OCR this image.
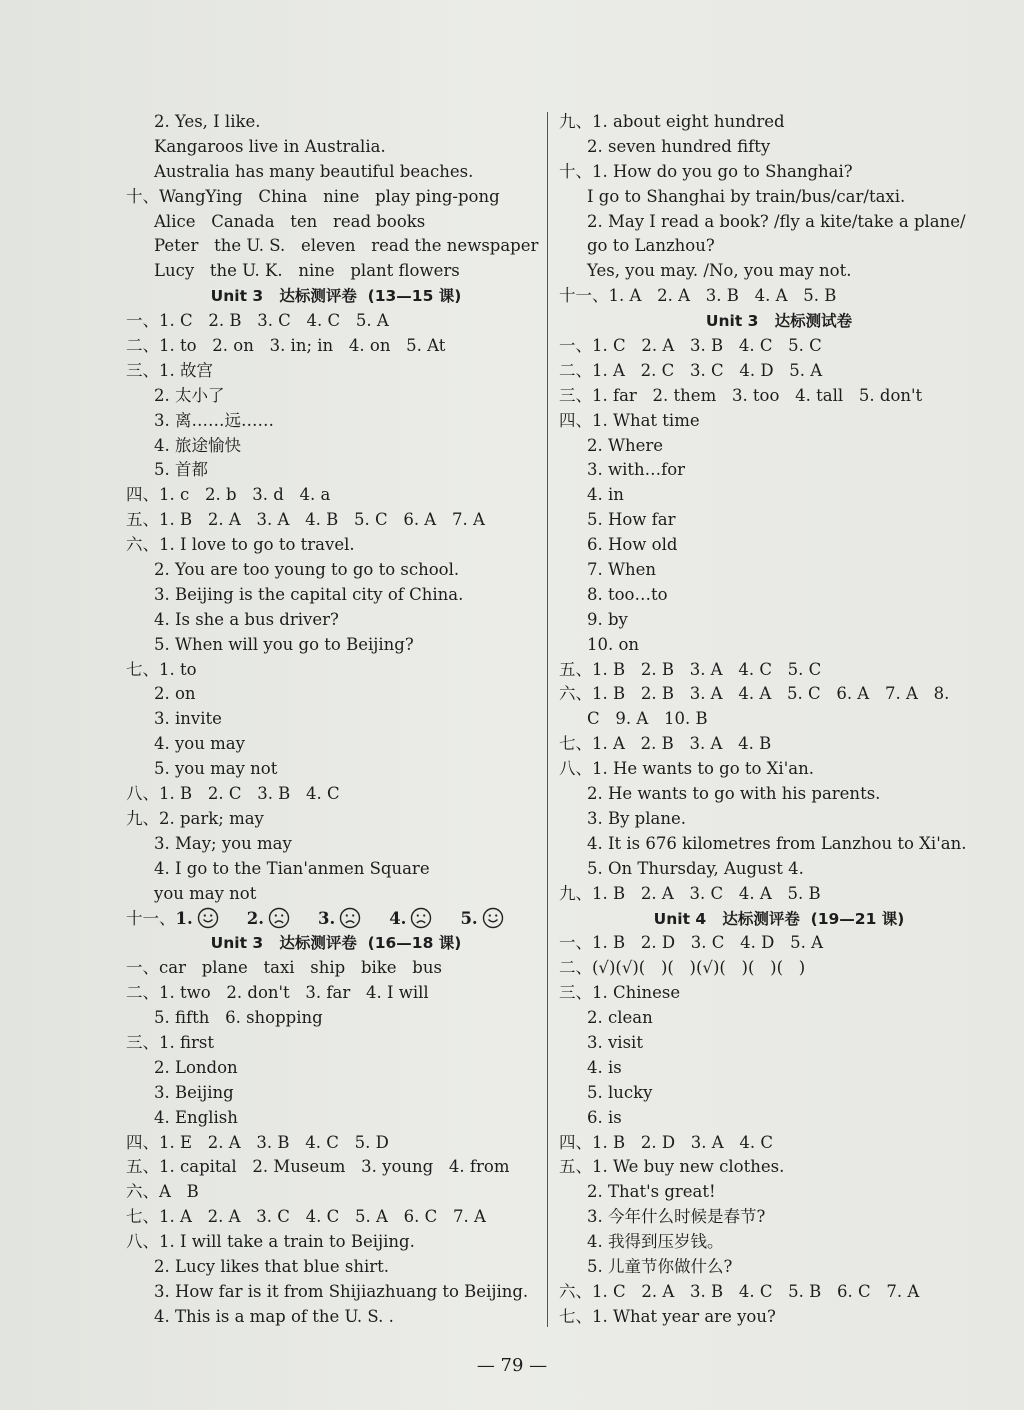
2. Yes, I like.
Kangaroos live in Australia.
Australia has many beautiful beaches.
十、WangYing   China   nine   play ping-pong
Alice   Canada   ten   read books
Peter   the U. S.   eleven   read the newspaper
Lucy   the U. K.   nine   plant flowers
Unit 3   达标测评卷  (13—15 课)
一、1. C   2. B   3. C   4. C   5. A
二、1. to   2. on   3. in; in   4. on   5. At
三、1. 故宫
2. 太小了
3. 离……远……
4. 旅途愉快
5. 首都
四、1. c   2. b   3. d   4. a
五、1. B   2. A   3. A   4. B   5. C   6. A   7. A
六、1. I love to go to travel.
2. You are too young to go to school.
3. Beijing is the capital city of China.
4. Is she a bus driver?
5. When will you go to Beijing?
七、1. to
2. on
3. invite
4. you may
5. you may not
八、1. B   2. C   3. B   4. C
九、2. park; may
3. May; you may
4. I go to the Tian'anmen Square
you may not
十一、1.	2.	3.	4.	5.
Unit 3   达标测评卷  (16—18 课)
一、car   plane   taxi   ship   bike   bus
二、1. two   2. don't   3. far   4. I will
5. fifth   6. shopping
三、1. first
2. London
3. Beijing
4. English
四、1. E   2. A   3. B   4. C   5. D
五、1. capital   2. Museum   3. young   4. from
六、A   B
七、1. A   2. A   3. C   4. C   5. A   6. C   7. A
八、1. I will take a train to Beijing.
2. Lucy likes that blue shirt.
3. How far is it from Shijiazhuang to Beijing.
4. This is a map of the U. S. .
九、1. about eight hundred
2. seven hundred fifty
十、1. How do you go to Shanghai?
I go to Shanghai by train/bus/car/taxi.
2. May I read a book? /fly a kite/take a plane/
go to Lanzhou?
Yes, you may. /No, you may not.
十一、1. A   2. A   3. B   4. A   5. B
Unit 3   达标测试卷
一、1. C   2. A   3. B   4. C   5. C
二、1. A   2. C   3. C   4. D   5. A
三、1. far   2. them   3. too   4. tall   5. don't
四、1. What time
2. Where
3. with…for
4. in
5. How far
6. How old
7. When
8. too…to
9. by
10. on
五、1. B   2. B   3. A   4. C   5. C
六、1. B   2. B   3. A   4. A   5. C   6. A   7. A   8.
C   9. A   10. B
七、1. A   2. B   3. A   4. B
八、1. He wants to go to Xi'an.
2. He wants to go with his parents.
3. By plane.
4. It is 676 kilometres from Lanzhou to Xi'an.
5. On Thursday, August 4.
九、1. B   2. A   3. C   4. A   5. B
Unit 4   达标测评卷  (19—21 课)
一、1. B   2. D   3. C   4. D   5. A
二、(√)(√)(   )(   )(√)(   )(   )(   )
三、1. Chinese
2. clean
3. visit
4. is
5. lucky
6. is
四、1. B   2. D   3. A   4. C
五、1. We buy new clothes.
2. That's great!
3. 今年什么时候是春节?
4. 我得到压岁钱。
5. 儿童节你做什么?
六、1. C   2. A   3. B   4. C   5. B   6. C   7. A
七、1. What year are you?
— 79 —
